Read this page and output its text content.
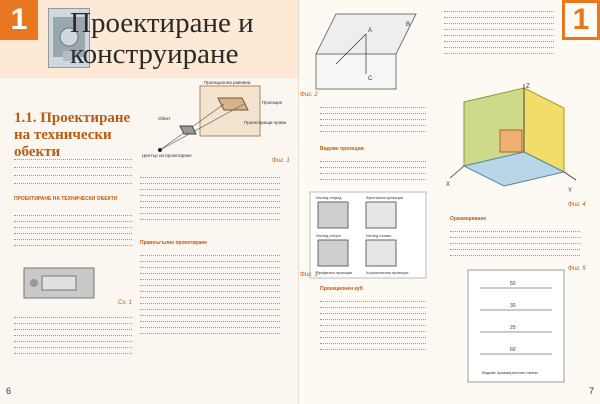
1	Проектиране и
конструиране
1.1. Проектиране на технически обекти
ПРОЕКТИРАНЕ НА ТЕХНИЧЕСКИ ОБЕКТИ
Сх. 1
Проекционна равнина
Проекция
Проектиращи прави
Обект
Център на проектиране
Фиг. 1
Правоъгълно проектиране
6
1
A
B
C
Фиг. 2
Видове проекции
Изглед отпред
Изглед отгоре	Изглед отляво
Фронтална проекция
Хоризонтална проекция
Профилна проекция
Фиг. 3
Проекционен куб
Z
X
Y
Фиг. 4
Оразмеряване
50
30
20
60
Видове оразмерителни линии
Фиг. 5
7
